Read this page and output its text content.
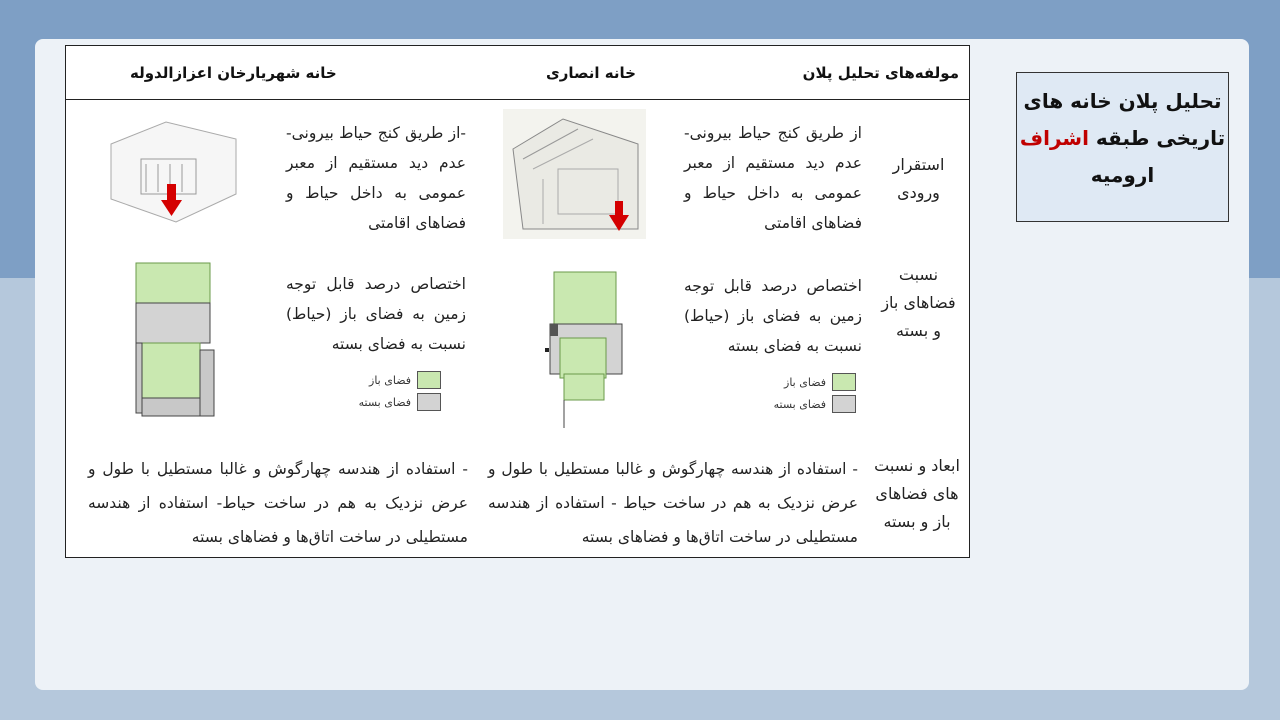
تحلیل پلان خانه های
تاریخی طبقه اشراف
ارومیه
مولفه‌های تحلیل پلان
خانه انصاری
خانه شهریارخان اعزازالدوله
استقرار ورودی
از طریق کنج حیاط بیرونی- عدم دید مستقیم از معبر عمومی به داخل حیاط و فضاهای اقامتی
-از طریق کنج حیاط بیرونی- عدم دید مستقیم از معبر عمومی به داخل حیاط و فضاهای اقامتی
نسبت فضاهای باز و بسته
اختصاص درصد قابل توجه زمین به فضای باز (حیاط) نسبت به فضای بسته
اختصاص درصد قابل توجه زمین به فضای باز (حیاط) نسبت به فضای بسته
فضای باز
فضای بسته
فضای باز
فضای بسته
ابعاد و نسبت های فضاهای باز و بسته
- استفاده از هندسه چهارگوش و غالبا مستطیل با طول و عرض نزدیک به هم در ساخت حیاط - استفاده از هندسه مستطیلی در ساخت اتاق‌ها و فضاهای بسته
- استفاده از هندسه چهارگوش و غالبا مستطیل با طول و عرض نزدیک به هم در ساخت حیاط- استفاده از هندسه مستطیلی در ساخت اتاق‌ها و فضاهای بسته
